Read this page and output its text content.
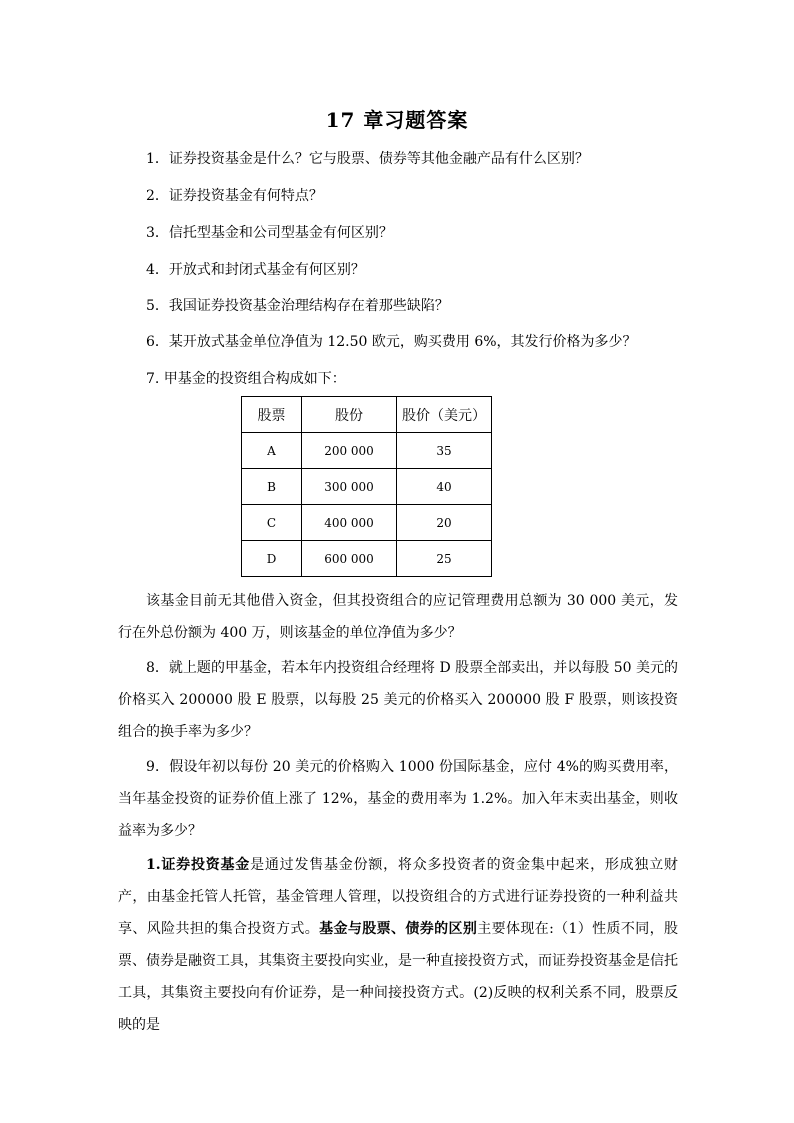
17 章习题答案
1．证券投资基金是什么？它与股票、债券等其他金融产品有什么区别？
2．证券投资基金有何特点？
3．信托型基金和公司型基金有何区别？
4．开放式和封闭式基金有何区别？
5．我国证券投资基金治理结构存在着那些缺陷？
6．某开放式基金单位净值为 12.50 欧元，购买费用 6%，其发行价格为多少？
7. 甲基金的投资组合构成如下：
股票	股份	股价（美元）
A	200 000	35
B	300 000	40
C	400 000	20
D	600 000	25

该基金目前无其他借入资金，但其投资组合的应记管理费用总额为 30 000 美元，发行在外总份额为 400 万，则该基金的单位净值为多少？

8．就上题的甲基金，若本年内投资组合经理将 D 股票全部卖出，并以每股 50 美元的价格买入 200000 股 E 股票，以每股 25 美元的价格买入 200000 股 F 股票，则该投资组合的换手率为多少？

9．假设年初以每份 20 美元的价格购入 1000 份国际基金，应付 4%的购买费用率，当年基金投资的证券价值上涨了 12%，基金的费用率为 1.2%。加入年末卖出基金，则收益率为多少？

1.证券投资基金是通过发售基金份额，将众多投资者的资金集中起来，形成独立财产，由基金托管人托管，基金管理人管理，以投资组合的方式进行证券投资的一种利益共享、风险共担的集合投资方式。基金与股票、债券的区别主要体现在:（1）性质不同，股票、债券是融资工具，其集资主要投向实业，是一种直接投资方式，而证券投资基金是信托工具，其集资主要投向有价证券，是一种间接投资方式。(2)反映的权利关系不同，股票反映的是
